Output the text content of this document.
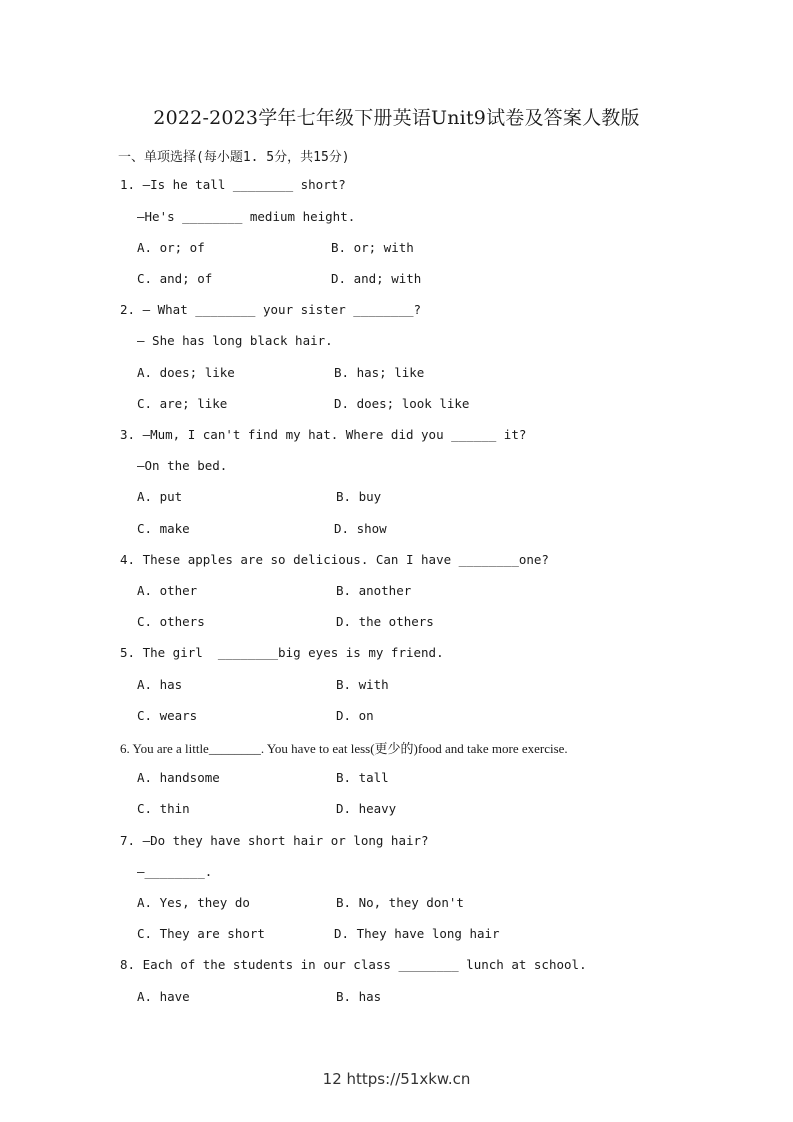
2022-2023学年七年级下册英语Unit9试卷及答案人教版
一、单项选择(每小题1. 5分，共15分)
1. —Is he tall ________ short?
—He's ________ medium height.
A. or; of	B. or; with
C. and; of	D. and; with
2. — What ________ your sister ________?
— She has long black hair.
A. does; like	B. has; like
C. are; like	D. does; look like
3. —Mum, I can't find my hat. Where did you ______ it?
—On the bed.
A. put	B. buy
C. make	D. show
4. These apples are so delicious. Can I have ________one?
A. other	B. another
C. others	D. the others
5. The girl  ________big eyes is my friend.
A. has	B. with
C. wears	D. on
6. You are a little________. You have to eat less(更少的)food and take more exercise.
A. handsome	B. tall
C. thin	D. heavy
7. —Do they have short hair or long hair?
—________.
A. Yes, they do	B. No, they don't
C. They are short	D. They have long hair
8. Each of the students in our class ________ lunch at school.
A. have	B. has
12 https://51xkw.cn
